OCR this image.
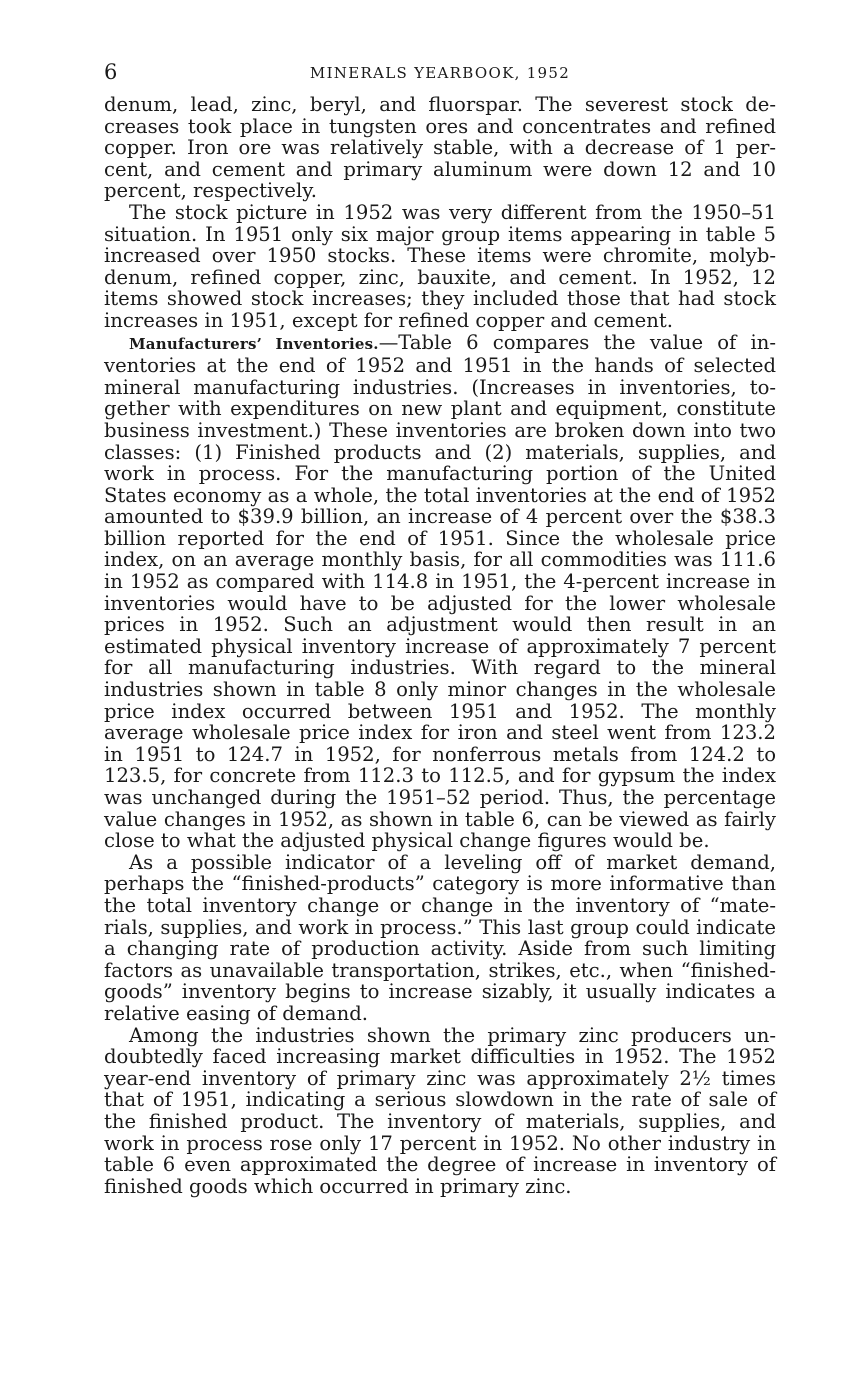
6	MINERALS YEARBOOK, 1952

denum, lead, zinc, beryl, and fluorspar. The severest stock decreases took place in tungsten ores and concentrates and refined copper. Iron ore was relatively stable, with a decrease of 1 percent, and cement and primary aluminum were down 12 and 10 percent, respectively.

The stock picture in 1952 was very different from the 1950–51 situation. In 1951 only six major group items appearing in table 5 increased over 1950 stocks. These items were chromite, molybdenum, refined copper, zinc, bauxite, and cement. In 1952, 12 items showed stock increases; they included those that had stock increases in 1951, except for refined copper and cement.

Manufacturers’ Inventories.—Table 6 compares the value of inventories at the end of 1952 and 1951 in the hands of selected mineral manufacturing industries. (Increases in inventories, together with expenditures on new plant and equipment, constitute business investment.) These inventories are broken down into two classes: (1) Finished products and (2) materials, supplies, and work in process. For the manufacturing portion of the United States economy as a whole, the total inventories at the end of 1952 amounted to $39.9 billion, an increase of 4 percent over the $38.3 billion reported for the end of 1951. Since the wholesale price index, on an average monthly basis, for all commodities was 111.6 in 1952 as compared with 114.8 in 1951, the 4-percent increase in inventories would have to be adjusted for the lower wholesale prices in 1952. Such an adjustment would then result in an estimated physical inventory increase of approximately 7 percent for all manufacturing industries. With regard to the mineral industries shown in table 8 only minor changes in the wholesale price index occurred between 1951 and 1952. The monthly average wholesale price index for iron and steel went from 123.2 in 1951 to 124.7 in 1952, for nonferrous metals from 124.2 to 123.5, for concrete from 112.3 to 112.5, and for gypsum the index was unchanged during the 1951–52 period. Thus, the percentage value changes in 1952, as shown in table 6, can be viewed as fairly close to what the adjusted physical change figures would be.

As a possible indicator of a leveling off of market demand, perhaps the “finished-products” category is more informative than the total inventory change or change in the inventory of “materials, supplies, and work in process.” This last group could indicate a changing rate of production activity. Aside from such limiting factors as unavailable transportation, strikes, etc., when “finished-goods” inventory begins to increase sizably, it usually indicates a relative easing of demand.

Among the industries shown the primary zinc producers undoubtedly faced increasing market difficulties in 1952. The 1952 year-end inventory of primary zinc was approximately 2½ times that of 1951, indicating a serious slowdown in the rate of sale of the finished product. The inventory of materials, supplies, and work in process rose only 17 percent in 1952. No other industry in table 6 even approximated the degree of increase in inventory of finished goods which occurred in primary zinc.
